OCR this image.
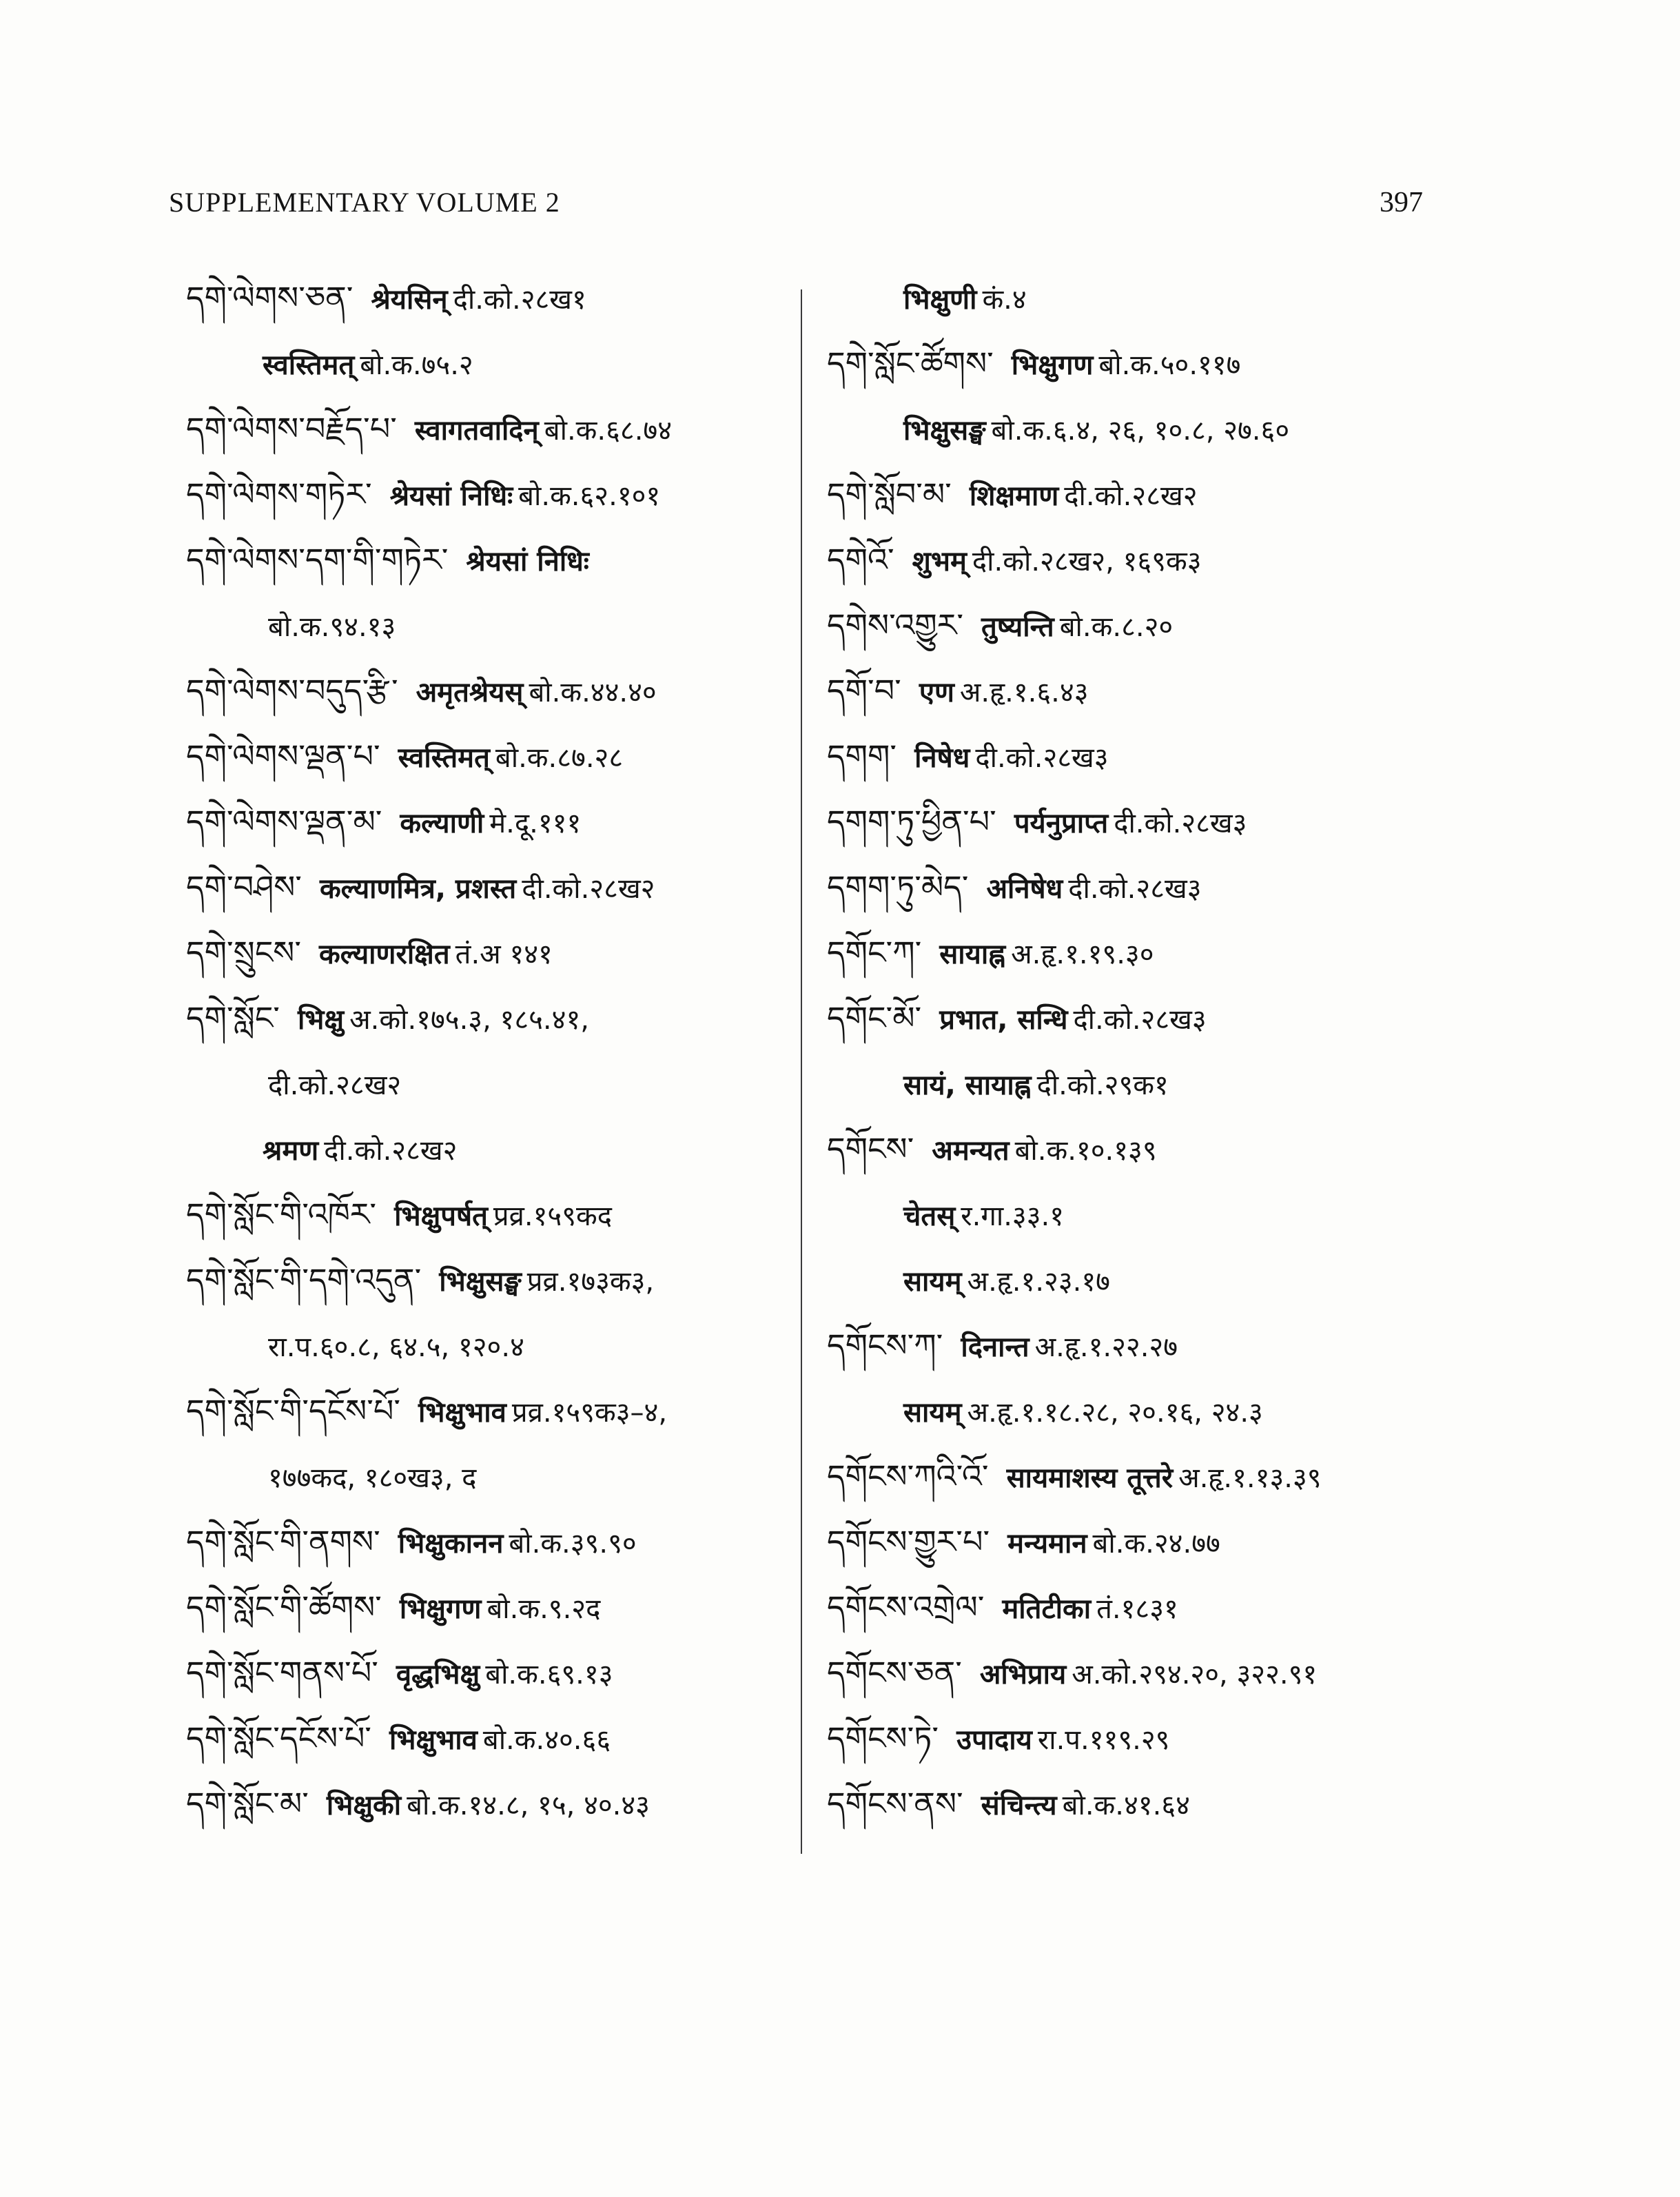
SUPPLEMENTARY VOLUME 2	397
དགེ་ལེགས་ཅན་ श्रेयसिन् दी.को.२८ख१
स्वस्तिमत् बो.क.७५.२
དགེ་ལེགས་བརྗོད་པ་ स्वागतवादिन् बो.क.६८.७४
དགེ་ལེགས་གཏེར་ श्रेयसां निधिः बो.क.६२.१०१
དགེ་ལེགས་དག་གི་གཏེར་ श्रेयसां निधिः
बो.क.९४.१३
དགེ་ལེགས་བདུད་རྩི་ अमृतश्रेयस् बो.क.४४.४०
དགེ་ལེགས་ལྡན་པ་ स्वस्तिमत् बो.क.८७.२८
དགེ་ལེགས་ལྡན་མ་ कल्याणी मे.दू.१११
དགེ་བཤེས་ कल्याणमित्र, प्रशस्त दी.को.२८ख२
དགེ་སྲུངས་ कल्याणरक्षित तं.अ १४१
དགེ་སློང་ भिक्षु अ.को.१७५.३, १८५.४१,
दी.को.२८ख२
श्रमण दी.को.२८ख२
དགེ་སློང་གི་འཁོར་ भिक्षुपर्षत् प्रव्र.१५९कद
དགེ་སློང་གི་དགེ་འདུན་ भिक्षुसङ्घ प्रव्र.१७३क३,
रा.प.६०.८, ६४.५, १२०.४
དགེ་སློང་གི་དངོས་པོ་ भिक्षुभाव प्रव्र.१५९क३–४,
१७७कद, १८०ख३, द
དགེ་སློང་གི་ནགས་ भिक्षुकानन बो.क.३९.९०
དགེ་སློང་གི་ཚོགས་ भिक्षुगण बो.क.९.२द
དགེ་སློང་གནས་པོ་ वृद्धभिक्षु बो.क.६९.१३
དགེ་སློང་དངོས་པོ་ भिक्षुभाव बो.क.४०.६६
དགེ་སློང་མ་ भिक्षुकी बो.क.१४.८, १५, ४०.४३
भिक्षुणी कं.४
དགེ་སློང་ཚོགས་ भिक्षुगण बो.क.५०.११७
भिक्षुसङ्घ बो.क.६.४, २६, १०.८, २७.६०
དགེ་སློབ་མ་ शिक्षमाण दी.को.२८ख२
དགེའོ་ शुभम् दी.को.२८ख२, १६९क३
དགེས་འགྱུར་ तुष्यन्ति बो.क.८.२०
དགོ་བ་ एण अ.हृ.१.६.४३
དགག་ निषेध दी.को.२८ख३
དགག་ཏུ་ཕྱིན་པ་ पर्यनुप्राप्त दी.को.२८ख३
དགག་ཏུ་མེད་ अनिषेध दी.को.२८ख३
དགོང་ཀ་ सायाह्न अ.हृ.१.१९.३०
དགོང་མོ་ प्रभात, सन्धि दी.को.२८ख३
सायं, सायाह्न दी.को.२९क१
དགོངས་ अमन्यत बो.क.१०.१३९
चेतस् र.गा.३३.१
सायम् अ.हृ.१.२३.१७
དགོངས་ཀ་ दिनान्त अ.हृ.१.२२.२७
सायम् अ.हृ.१.१८.२८, २०.१६, २४.३
དགོངས་ཀའི་འོ་ सायमाशस्य तूत्तरे अ.हृ.१.१३.३९
དགོངས་གྱུར་པ་ मन्यमान बो.क.२४.७७
དགོངས་འགྲེལ་ मतिटीका तं.१८३१
དགོངས་ཅན་ अभिप्राय अ.को.२९४.२०, ३२२.९१
དགོངས་ཏེ་ उपादाय रा.प.११९.२९
དགོངས་ནས་ संचिन्त्य बो.क.४१.६४
